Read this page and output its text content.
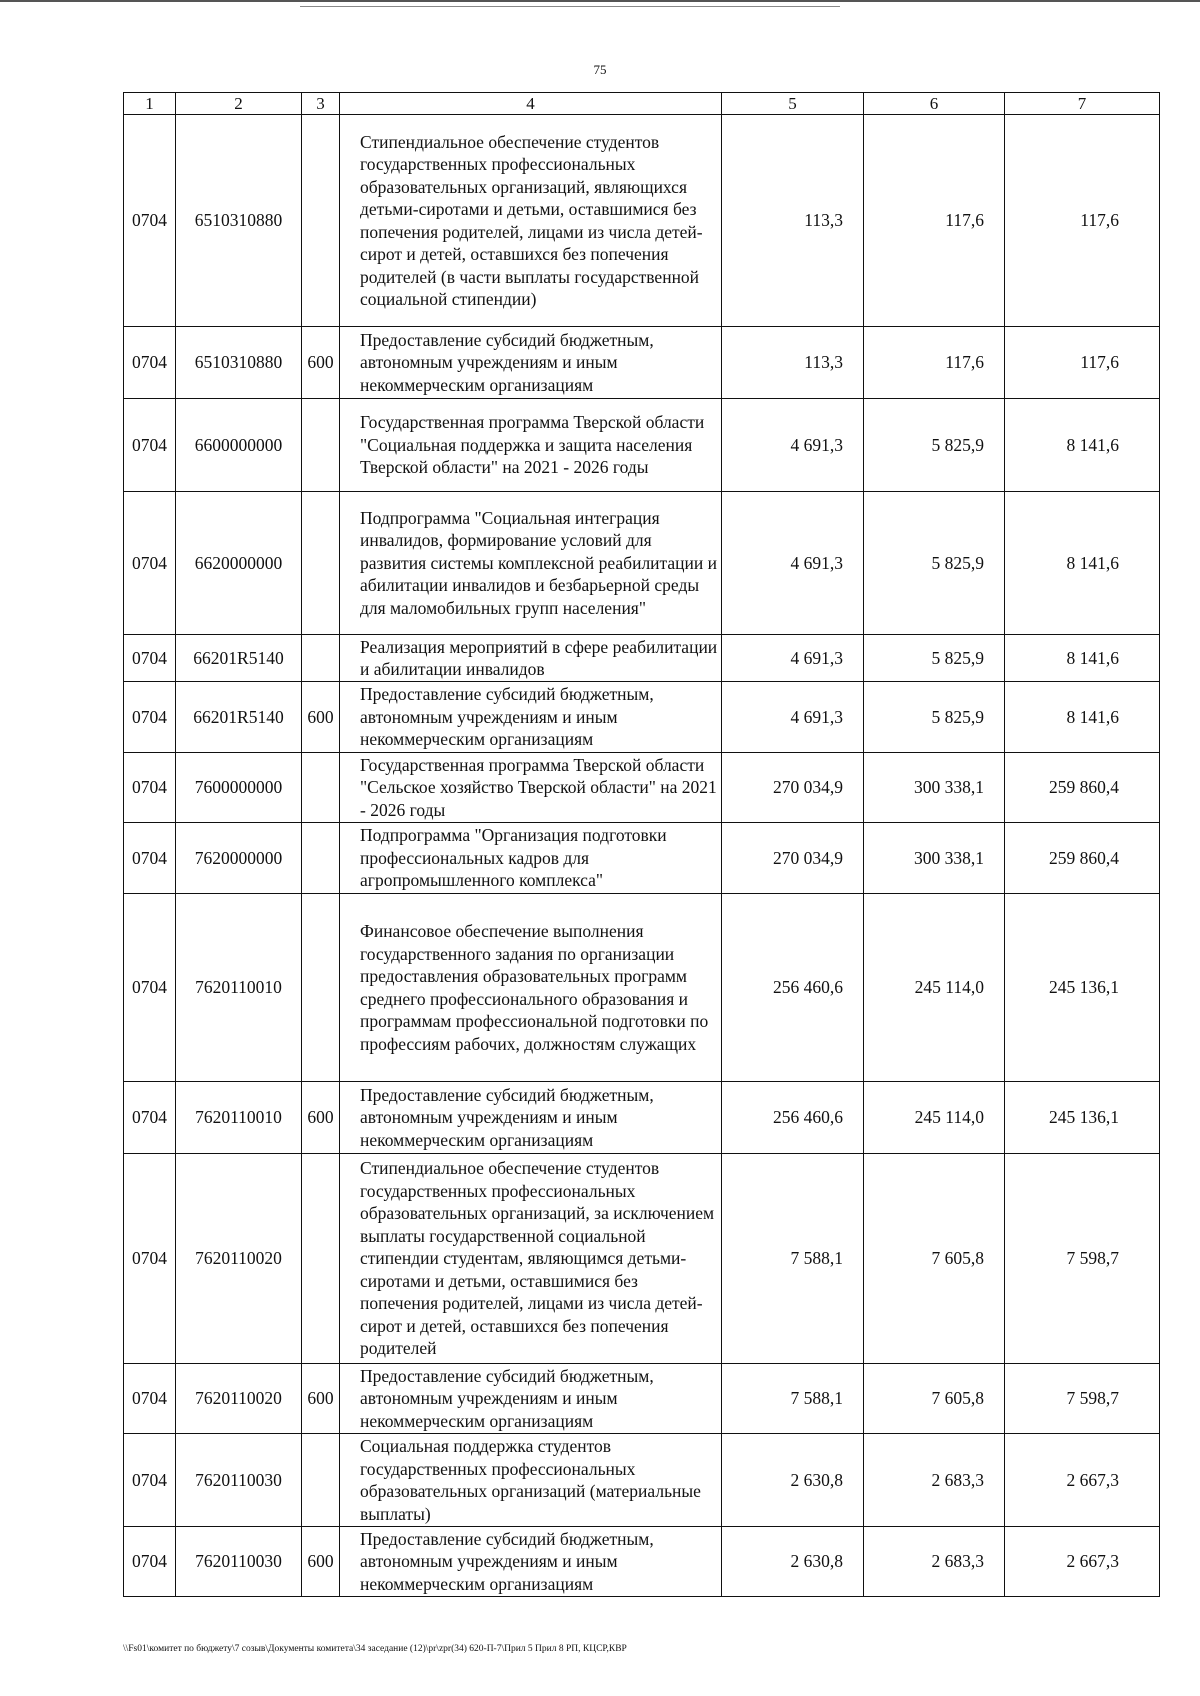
75
1	2	3	4	5	6	7
0704	6510310880		Стипендиальное обеспечение студентов государственных профессиональных образовательных организаций, являющихся детьми-сиротами и детьми, оставшимися без попечения родителей, лицами из числа детей-сирот и детей, оставшихся без попечения родителей (в части выплаты государственной социальной стипендии)	113,3	117,6	117,6
0704	6510310880	600	Предоставление субсидий бюджетным, автономным учреждениям и иным некоммерческим организациям	113,3	117,6	117,6
0704	6600000000		Государственная программа Тверской области "Социальная поддержка и защита населения Тверской области" на 2021 - 2026 годы	4 691,3	5 825,9	8 141,6
0704	6620000000		Подпрограмма "Социальная интеграция инвалидов, формирование условий для развития системы комплексной реабилитации и абилитации инвалидов и безбарьерной среды для маломобильных групп населения"	4 691,3	5 825,9	8 141,6
0704	66201R5140		Реализация мероприятий в сфере реабилитации и абилитации инвалидов	4 691,3	5 825,9	8 141,6
0704	66201R5140	600	Предоставление субсидий бюджетным, автономным учреждениям и иным некоммерческим организациям	4 691,3	5 825,9	8 141,6
0704	7600000000		Государственная программа Тверской области "Сельское хозяйство Тверской области" на 2021 - 2026 годы	270 034,9	300 338,1	259 860,4
0704	7620000000		Подпрограмма "Организация подготовки профессиональных кадров для агропромышленного комплекса"	270 034,9	300 338,1	259 860,4
0704	7620110010		Финансовое обеспечение выполнения государственного задания по организации предоставления образовательных программ среднего профессионального образования и программам профессиональной подготовки по профессиям рабочих, должностям служащих	256 460,6	245 114,0	245 136,1
0704	7620110010	600	Предоставление субсидий бюджетным, автономным учреждениям и иным некоммерческим организациям	256 460,6	245 114,0	245 136,1
0704	7620110020		Стипендиальное обеспечение студентов государственных профессиональных образовательных организаций, за исключением выплаты государственной социальной стипендии студентам, являющимся детьми-сиротами и детьми, оставшимися без попечения родителей, лицами из числа детей-сирот и детей, оставшихся без попечения родителей	7 588,1	7 605,8	7 598,7
0704	7620110020	600	Предоставление субсидий бюджетным, автономным учреждениям и иным некоммерческим организациям	7 588,1	7 605,8	7 598,7
0704	7620110030		Социальная поддержка студентов государственных профессиональных образовательных организаций (материальные выплаты)	2 630,8	2 683,3	2 667,3
0704	7620110030	600	Предоставление субсидий бюджетным, автономным учреждениям и иным некоммерческим организациям	2 630,8	2 683,3	2 667,3
\\Fs01\комитет по бюджету\7 созыв\Документы комитета\34 заседание (12)\pr\zpr(34) 620-П-7\Прил 5 Прил 8 РП, КЦСР,КВР
